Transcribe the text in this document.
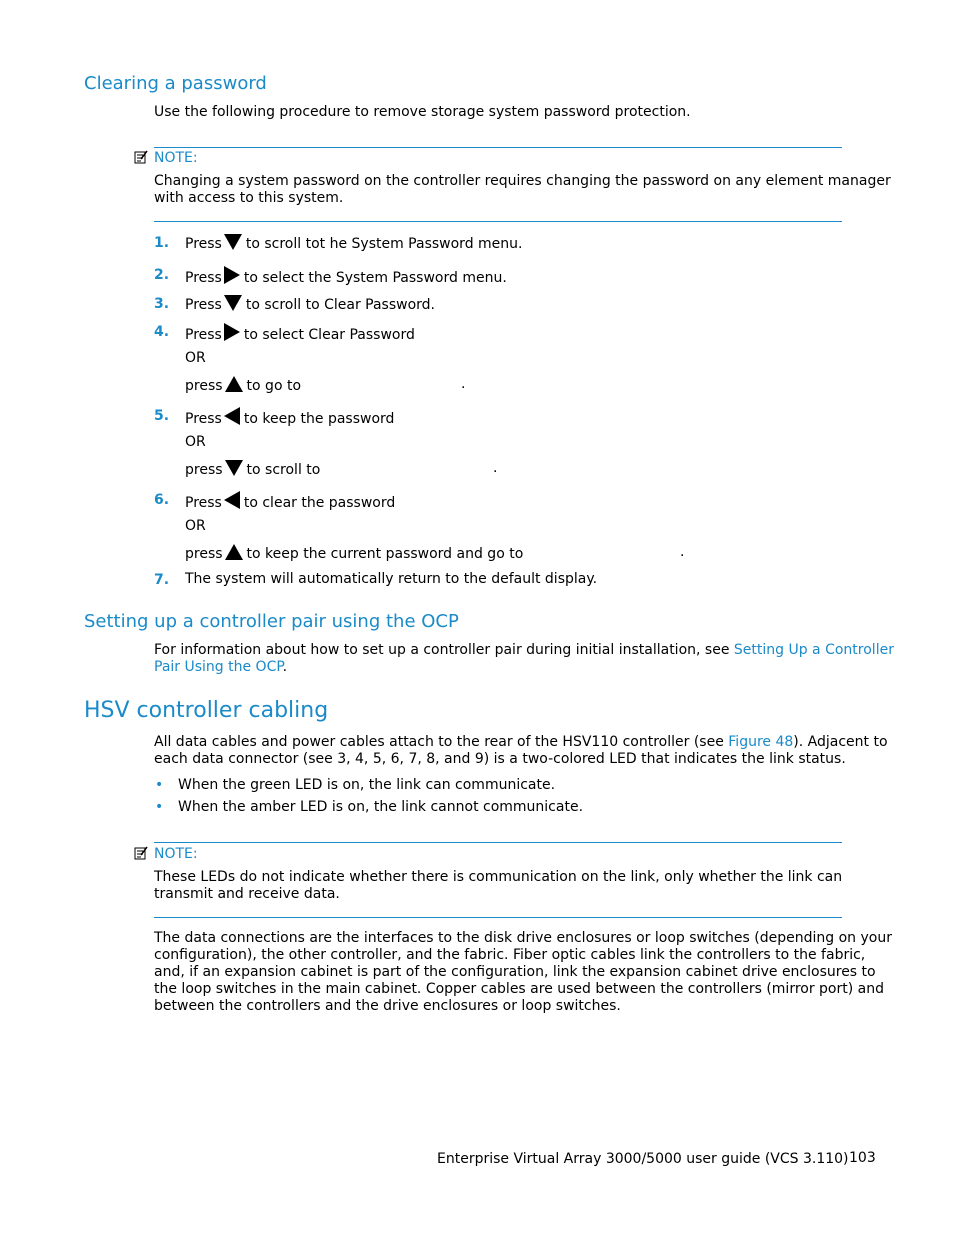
Clearing a password
Use the following procedure to remove storage system password protection.
NOTE:
Changing a system password on the controller requires changing the password on any element manager
with access to this system.
1. Press to scroll tot he System Password menu.
2. Press to select the System Password menu.
3. Press to scroll to Clear Password.
4. Press to select Clear Password
OR
press to go to	.
5. Press to keep the password
OR
press to scroll to	.
6. Press to clear the password
OR
press to keep the current password and go to	.
7. The system will automatically return to the default display.
Setting up a controller pair using the OCP
For information about how to set up a controller pair during initial installation, see Setting Up a Controller
Pair Using the OCP.
HSV controller cabling
All data cables and power cables attach to the rear of the HSV110 controller (see Figure 48). Adjacent to
each data connector (see 3, 4, 5, 6, 7, 8, and 9) is a two-colored LED that indicates the link status.
• When the green LED is on, the link can communicate.
• When the amber LED is on, the link cannot communicate.
NOTE:
These LEDs do not indicate whether there is communication on the link, only whether the link can
transmit and receive data.
The data connections are the interfaces to the disk drive enclosures or loop switches (depending on your
configuration), the other controller, and the fabric. Fiber optic cables link the controllers to the fabric,
and, if an expansion cabinet is part of the configuration, link the expansion cabinet drive enclosures to
the loop switches in the main cabinet. Copper cables are used between the controllers (mirror port) and
between the controllers and the drive enclosures or loop switches.
Enterprise Virtual Array 3000/5000 user guide (VCS 3.110) 103
